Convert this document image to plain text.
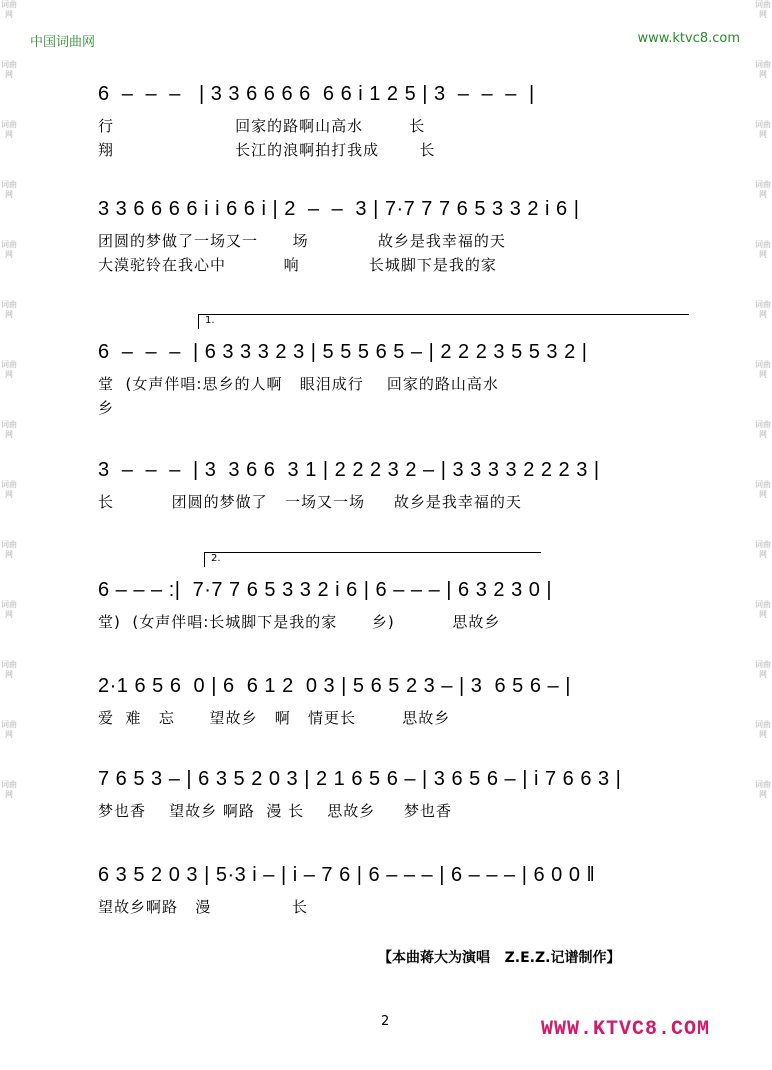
中国词曲网	www.ktvc8.com
词曲网
词曲网
词曲网
词曲网
词曲网
词曲网
词曲网
词曲网
词曲网
词曲网
词曲网
词曲网
词曲网
词曲网
词曲网
词曲网
词曲网
词曲网
词曲网
词曲网
词曲网
词曲网
词曲网
词曲网
词曲网
词曲网
词曲网
词曲网
6  –  –  –   | 3 3 6 6 6 6  6 6 i 1 2 5 | 3  –  –  –  |
行                     回家的路啊山高水        长
翔                     长江的浪啊拍打我成       长
3 3 6 6 6 6 i i 6 6 i | 2  –  –  3 | 7·7 7 7 6 5 3 3 2 i 6 |
团圆的梦做了一场又一      场            故乡是我幸福的天
大漠驼铃在我心中          响            长城脚下是我的家
1.
6  –  –  –  | 6 3 3 3 2 3 | 5 5 5 6 5 – | 2 2 2 3 5 5 3 2 |
堂  (女声伴唱:思乡的人啊   眼泪成行    回家的路山高水
乡
3  –  –  –  | 3  3 6 6  3 1 | 2 2 2 3 2 – | 3 3 3 3 2 2 2 3 |
长          团圆的梦做了   一场又一场     故乡是我幸福的天
2.
6 – – – :|  7·7 7 6 5 3 3 2 i 6 | 6 – – – | 6 3 2 3 0 |
堂)  (女声伴唱:长城脚下是我的家      乡)          思故乡
2·1 6 5 6  0 | 6  6 1 2  0 3 | 5 6 5 2 3 – | 3  6 5 6 – |
爱  难   忘      望故乡   啊   情更长        思故乡
7 6 5 3 – | 6 3 5 2 0 3 | 2 1 6 5 6 – | 3 6 5 6 – | i 7 6 6 3 |
梦也香    望故乡 啊路  漫 长    思故乡     梦也香
6 3 5 2 0 3 | 5·3 i – | i – 7 6 | 6 – – – | 6 – – – | 6 0 0 ‖
望故乡啊路   漫              长
【本曲蒋大为演唱   Z.E.Z.记谱制作】
2	WWW.KTVC8.COM
